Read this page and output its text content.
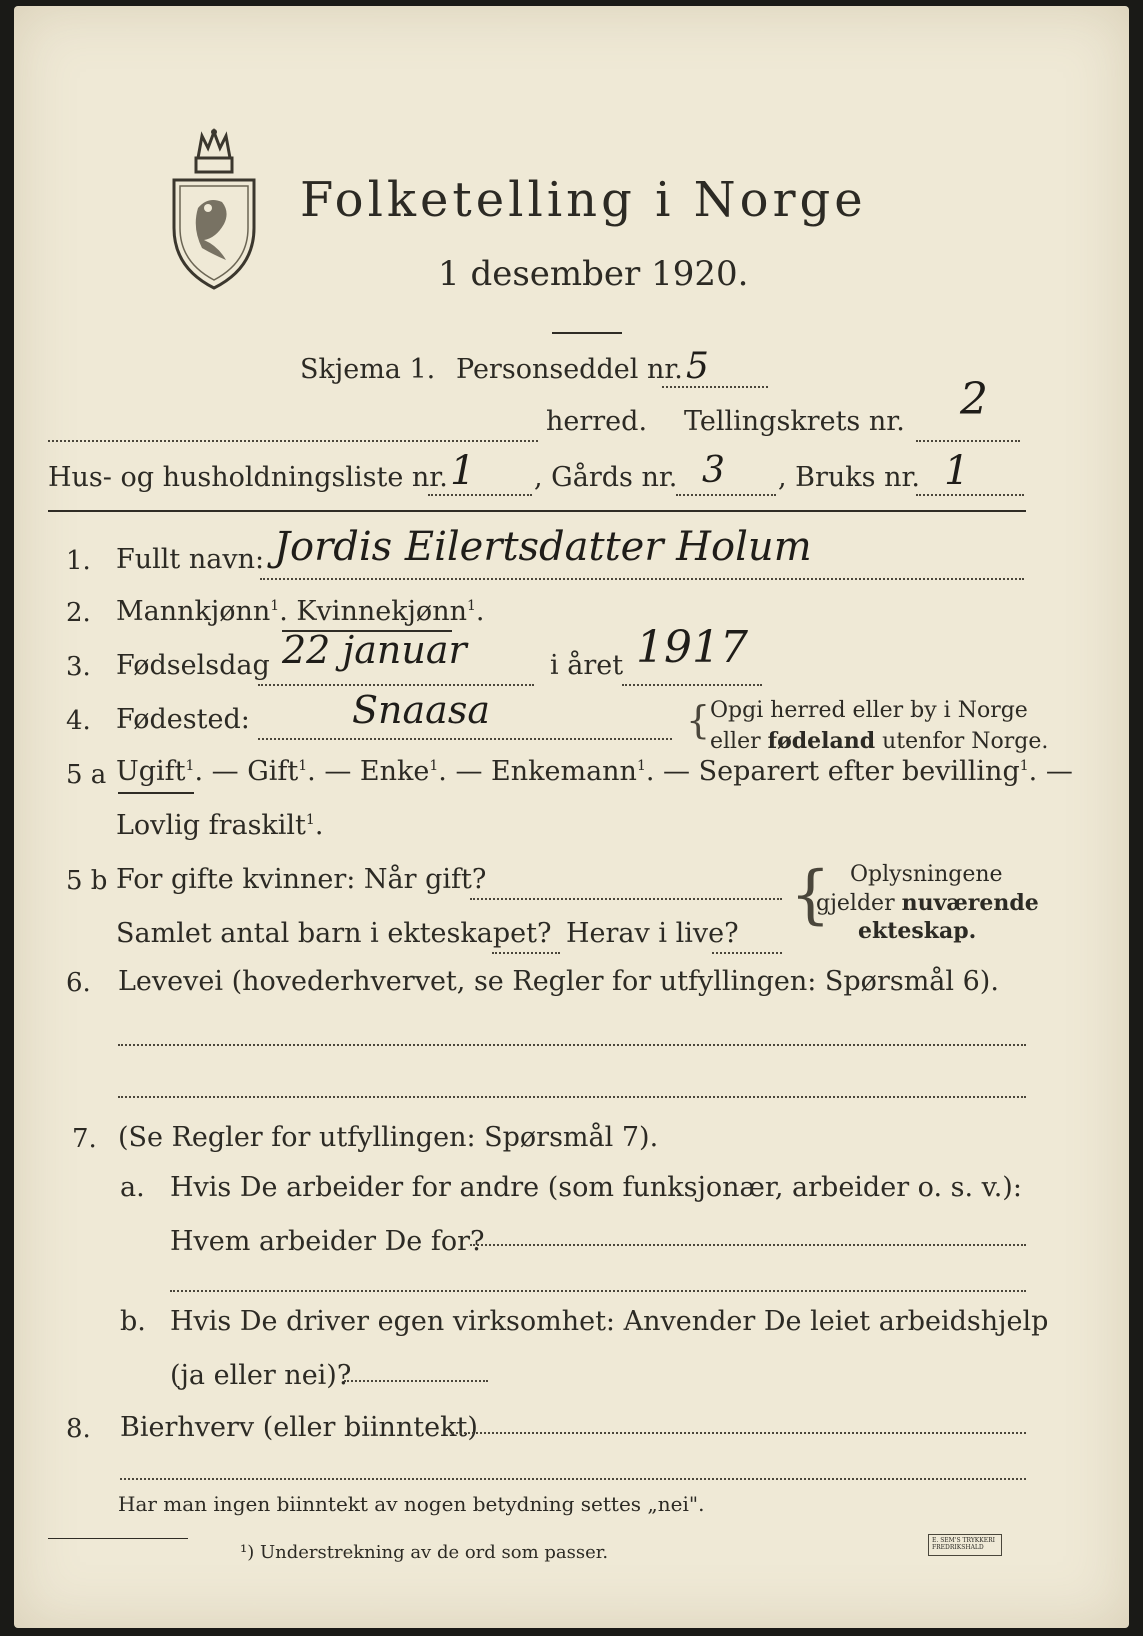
Folketelling i Norge
1 desember 1920.
Skjema 1. Personseddel nr. 5
herred. Tellingskrets nr. 2
Hus- og husholdningsliste nr. 1 , Gårds nr. 3 , Bruks nr. 1
1. Fullt navn: Jordis Eilertsdatter Holum
2. Mannkjønn$^1$. Kvinnekjønn$^1$.
3. Fødselsdag 22 januar	i året 1917
4. Fødested:	Snaasa	{ Opgi herred eller by i Norge
eller fødeland utenfor Norge.
5 a Ugift$^1$. — Gift$^1$. — Enke$^1$. — Enkemann$^1$. — Separert efter bevilling$^1$. —
Lovlig fraskilt$^1$.
5 b For gifte kvinner: Når gift?
Samlet antal barn i ekteskapet? Herav i live?
{ Oplysningene
gjelder nuværende
ekteskap.
6. Levevei (hovederhvervet, se Regler for utfyllingen: Spørsmål 6).
7. (Se Regler for utfyllingen: Spørsmål 7).
a. Hvis De arbeider for andre (som funksjonær, arbeider o. s. v.):
Hvem arbeider De for?
b. Hvis De driver egen virksomhet: Anvender De leiet arbeidshjelp
(ja eller nei)?
8. Bierhverv (eller biinntekt)
Har man ingen biinntekt av nogen betydning settes „nei".
¹) Understrekning av de ord som passer.
E. SEM'S TRYKKERI FREDRIKSHALD
